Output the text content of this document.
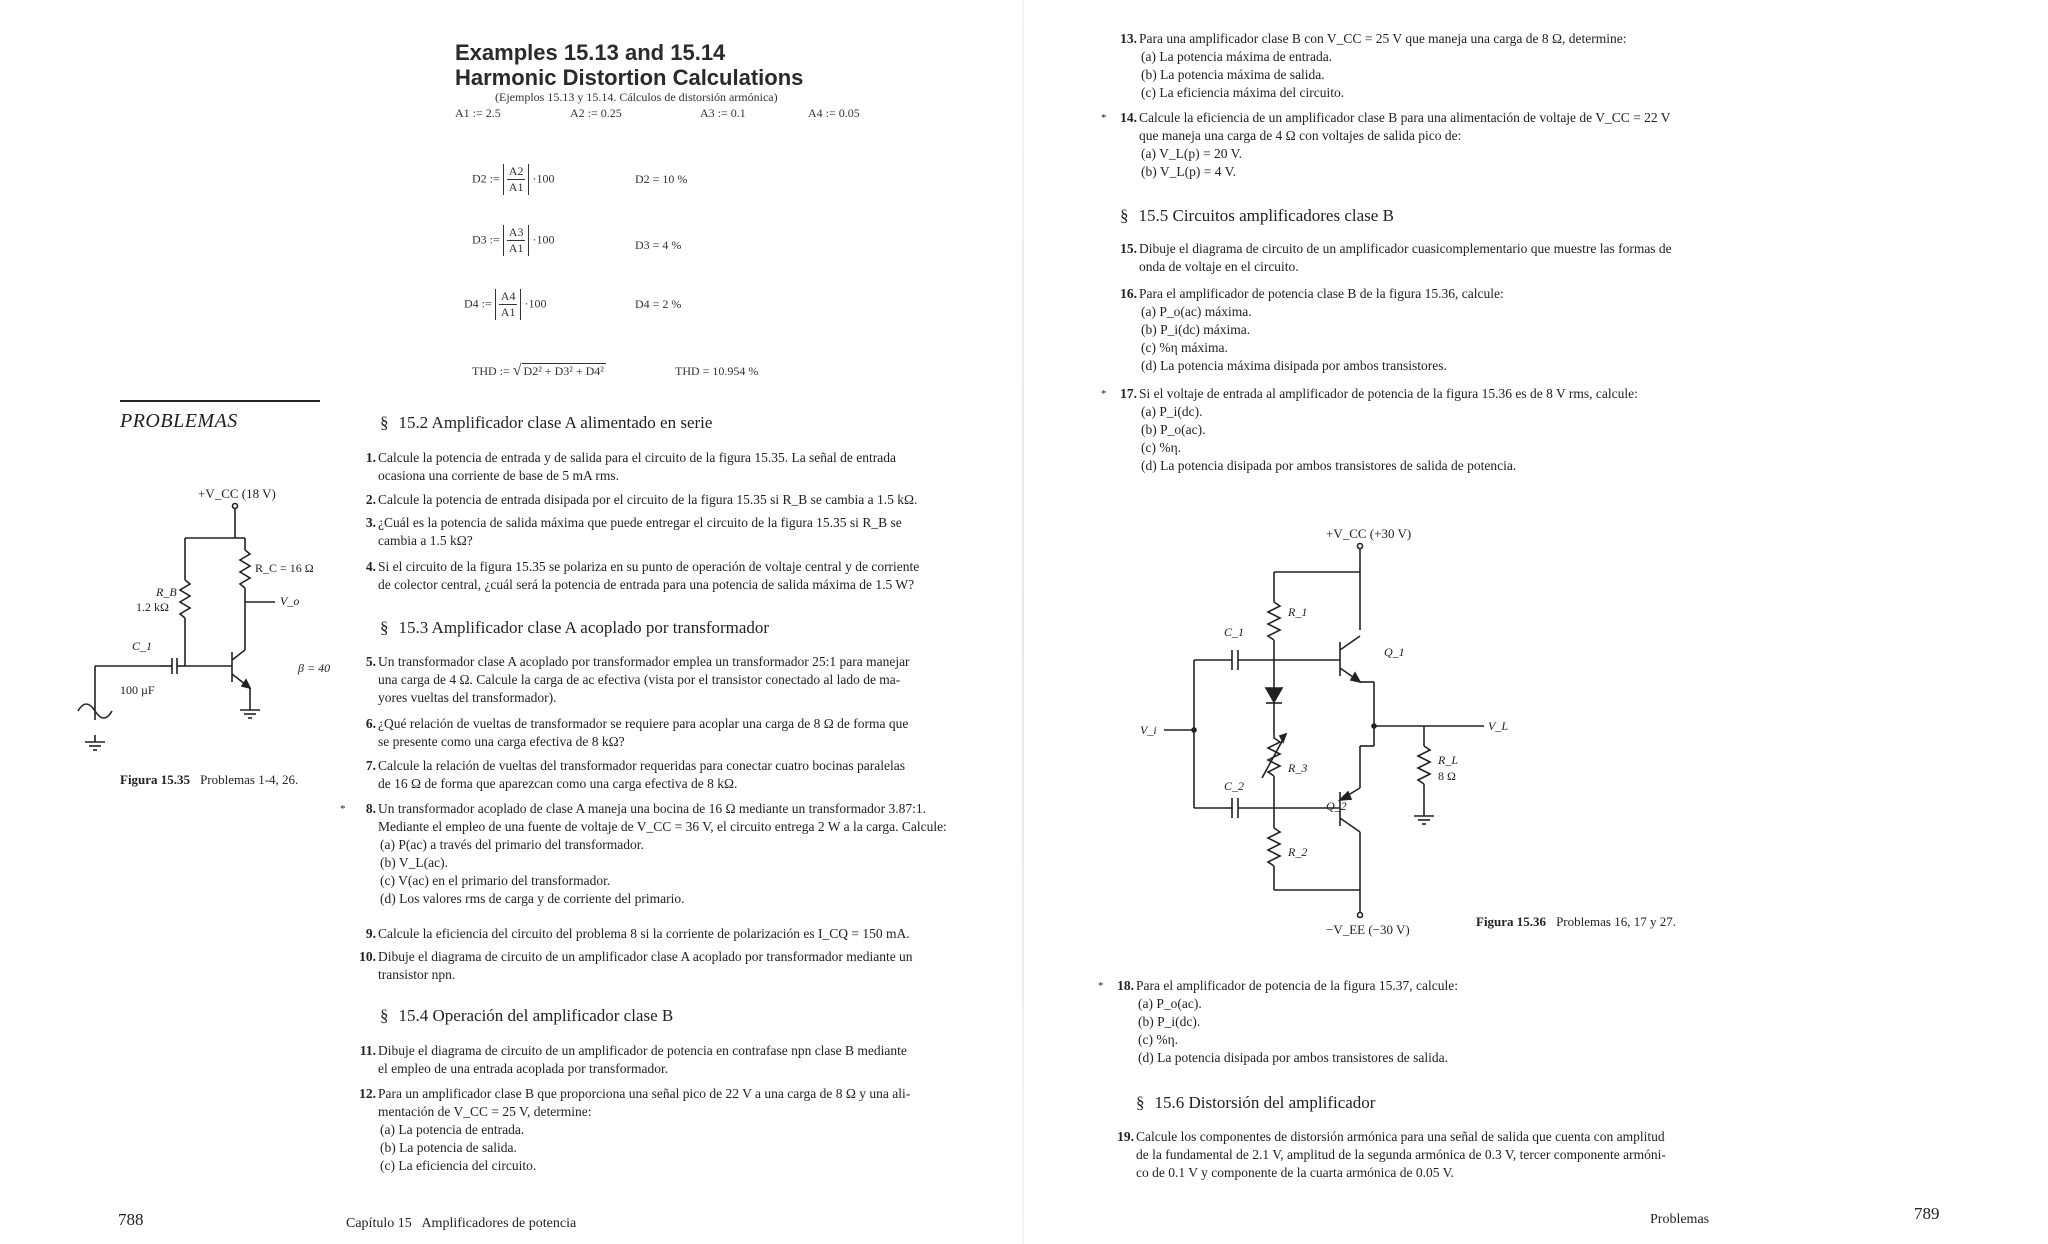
Examples 15.13 and 15.14
Harmonic Distortion Calculations
(Ejemplos 15.13 y 15.14. Cálculos de distorsión armónica)
A1 := 2.5	A2 := 0.25	A3 := 0.1	A4 := 0.05
D2 := $\frac{A2}{A1} \cdot 100$	D2 = 10 %
D3 := $\frac{A3}{A1} \cdot 100$	D3 = 4 %
D4 := $\frac{A4}{A1} \cdot 100$	D4 = 2 %
THD := √ D2² + D3² + D4²	THD = 10.954 %
PROBLEMAS
+V_CC (18 V)
R_B
1.2 kΩ
R_C = 16 Ω
V_o
C_1
100 µF
β = 40
Figura 15.35 Problemas 1-4, 26.
§ 15.2 Amplificador clase A alimentado en serie
§ 15.3 Amplificador clase A acoplado por transformador
§ 15.4 Operación del amplificador clase B
1. Calcule la potencia de entrada y de salida para el circuito de la figura 15.35. La señal de entrada
ocasiona una corriente de base de 5 mA rms.
2. Calcule la potencia de entrada disipada por el circuito de la figura 15.35 si R_B se cambia a 1.5 kΩ.
3. ¿Cuál es la potencia de salida máxima que puede entregar el circuito de la figura 15.35 si R_B se
cambia a 1.5 kΩ?
4. Si el circuito de la figura 15.35 se polariza en su punto de operación de voltaje central y de corriente
de colector central, ¿cuál será la potencia de entrada para una potencia de salida máxima de 1.5 W?
5. Un transformador clase A acoplado por transformador emplea un transformador 25:1 para manejar
una carga de 4 Ω. Calcule la carga de ac efectiva (vista por el transistor conectado al lado de ma-
yores vueltas del transformador).
6. ¿Qué relación de vueltas de transformador se requiere para acoplar una carga de 8 Ω de forma que
se presente como una carga efectiva de 8 kΩ?
7. Calcule la relación de vueltas del transformador requeridas para conectar cuatro bocinas paralelas
de 16 Ω de forma que aparezcan como una carga efectiva de 8 kΩ.
*	8. Un transformador acoplado de clase A maneja una bocina de 16 Ω mediante un transformador 3.87:1.
Mediante el empleo de una fuente de voltaje de V_CC = 36 V, el circuito entrega 2 W a la carga. Calcule:
(a) P(ac) a través del primario del transformador.
(b) V_L(ac).
(c) V(ac) en el primario del transformador.
(d) Los valores rms de carga y de corriente del primario.
9. Calcule la eficiencia del circuito del problema 8 si la corriente de polarización es I_CQ = 150 mA.
10. Dibuje el diagrama de circuito de un amplificador clase A acoplado por transformador mediante un
transistor npn.
11. Dibuje el diagrama de circuito de un amplificador de potencia en contrafase npn clase B mediante
el empleo de una entrada acoplada por transformador.
12. Para un amplificador clase B que proporciona una señal pico de 22 V a una carga de 8 Ω y una ali-
mentación de V_CC = 25 V, determine:
(a) La potencia de entrada.
(b) La potencia de salida.
(c) La eficiencia del circuito.
788	Capítulo 15   Amplificadores de potencia
13. Para una amplificador clase B con V_CC = 25 V que maneja una carga de 8 Ω, determine:
(a) La potencia máxima de entrada.
(b) La potencia máxima de salida.
(c) La eficiencia máxima del circuito.
*	14. Calcule la eficiencia de un amplificador clase B para una alimentación de voltaje de V_CC = 22 V
que maneja una carga de 4 Ω con voltajes de salida pico de:
(a) V_L(p) = 20 V.
(b) V_L(p) = 4 V.
§ 15.5 Circuitos amplificadores clase B
15. Dibuje el diagrama de circuito de un amplificador cuasicomplementario que muestre las formas de
onda de voltaje en el circuito.
16. Para el amplificador de potencia clase B de la figura 15.36, calcule:
(a) P_o(ac) máxima.
(b) P_i(dc) máxima.
(c) %η máxima.
(d) La potencia máxima disipada por ambos transistores.
*	17. Si el voltaje de entrada al amplificador de potencia de la figura 15.36 es de 8 V rms, calcule:
(a) P_i(dc).
(b) P_o(ac).
(c) %η.
(d) La potencia disipada por ambos transistores de salida de potencia.
+V_CC (+30 V)
R_1
C_1
Q_1
V_i	V_L
R_3
R_L
8 Ω
C_2
Q_2
R_2
−V_EE (−30 V)
Figura 15.36 Problemas 16, 17 y 27.
*	18. Para el amplificador de potencia de la figura 15.37, calcule:
(a) P_o(ac).
(b) P_i(dc).
(c) %η.
(d) La potencia disipada por ambos transistores de salida.
§ 15.6 Distorsión del amplificador
19. Calcule los componentes de distorsión armónica para una señal de salida que cuenta con amplitud
de la fundamental de 2.1 V, amplitud de la segunda armónica de 0.3 V, tercer componente armóni-
co de 0.1 V y componente de la cuarta armónica de 0.05 V.
Problemas	789
